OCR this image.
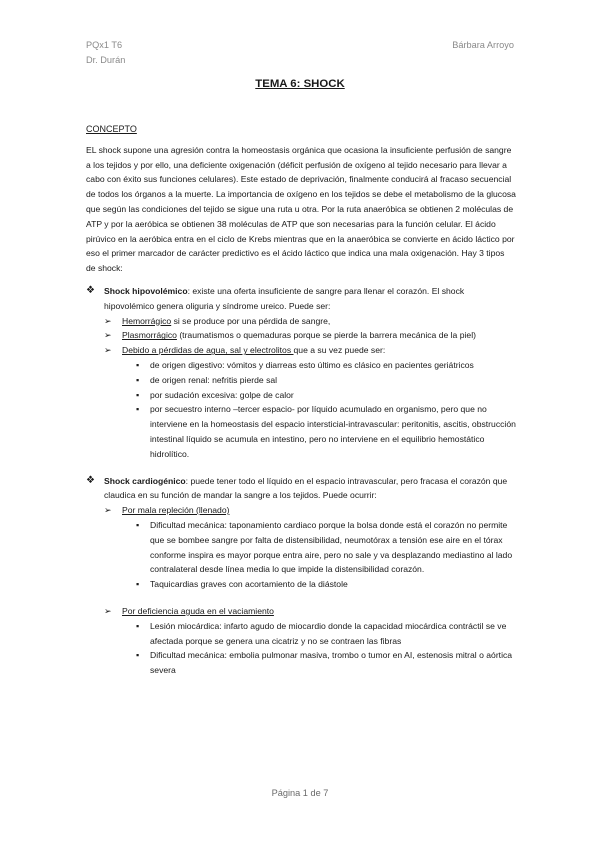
PQx1 T6
Dr. Durán
Bárbara Arroyo
TEMA 6: SHOCK
CONCEPTO

EL shock supone una agresión contra la homeostasis orgánica que ocasiona la insuficiente perfusión de sangre a los tejidos y por ello, una deficiente oxigenación (déficit perfusión de oxígeno al tejido necesario para llevar a cabo con éxito sus funciones celulares). Este estado de deprivación, finalmente conducirá al fracaso secuencial de todos los órganos a la muerte. La importancia de oxígeno en los tejidos se debe el metabolismo de la glucosa que según las condiciones del tejido se sigue una ruta u otra. Por la ruta anaeróbica se obtienen 2 moléculas de ATP y por la aeróbica se obtienen 38 moléculas de ATP que son necesarias para la función celular. El ácido pirúvico en la aeróbica entra en el ciclo de Krebs mientras que en la anaeróbica se convierte en ácido láctico por eso el primer marcador de carácter predictivo es el ácido láctico que indica una mala oxigenación. Hay 3 tipos de shock:

❖ Shock hipovolémico: existe una oferta insuficiente de sangre para llenar el corazón. El shock hipovolémico genera oliguria y síndrome ureico. Puede ser:
➢ Hemorrágico si se produce por una pérdida de sangre,
➢ Plasmorrágico (traumatismos o quemaduras porque se pierde la barrera mecánica de la piel)
➢ Debido a pérdidas de agua, sal y electrolitos que a su vez puede ser:
▪ de origen digestivo: vómitos y diarreas esto último es clásico en pacientes geriátricos
▪ de origen renal: nefritis pierde sal
▪ por sudación excesiva: golpe de calor
▪ por secuestro interno –tercer espacio- por líquido acumulado en organismo, pero que no interviene en la homeostasis del espacio intersticial-intravascular: peritonitis, ascitis, obstrucción intestinal líquido se acumula en intestino, pero no interviene en el equilibrio hemostático hidrolítico.
❖ Shock cardiogénico: puede tener todo el líquido en el espacio intravascular, pero fracasa el corazón que claudica en su función de mandar la sangre a los tejidos. Puede ocurrir:
➢ Por mala repleción (llenado)
▪ Dificultad mecánica: taponamiento cardiaco porque la bolsa donde está el corazón no permite que se bombee sangre por falta de distensibilidad, neumotórax a tensión ese aire en el tórax conforme inspira es mayor porque entra aire, pero no sale y va desplazando mediastino al lado contralateral desde línea media lo que impide la distensibilidad corazón.
▪ Taquicardias graves con acortamiento de la diástole
➢ Por deficiencia aguda en el vaciamiento
▪ Lesión miocárdica: infarto agudo de miocardio donde la capacidad miocárdica contráctil se ve afectada porque se genera una cicatriz y no se contraen las fibras
▪ Dificultad mecánica: embolia pulmonar masiva, trombo o tumor en AI, estenosis mitral o aórtica severa
Página 1 de 7
